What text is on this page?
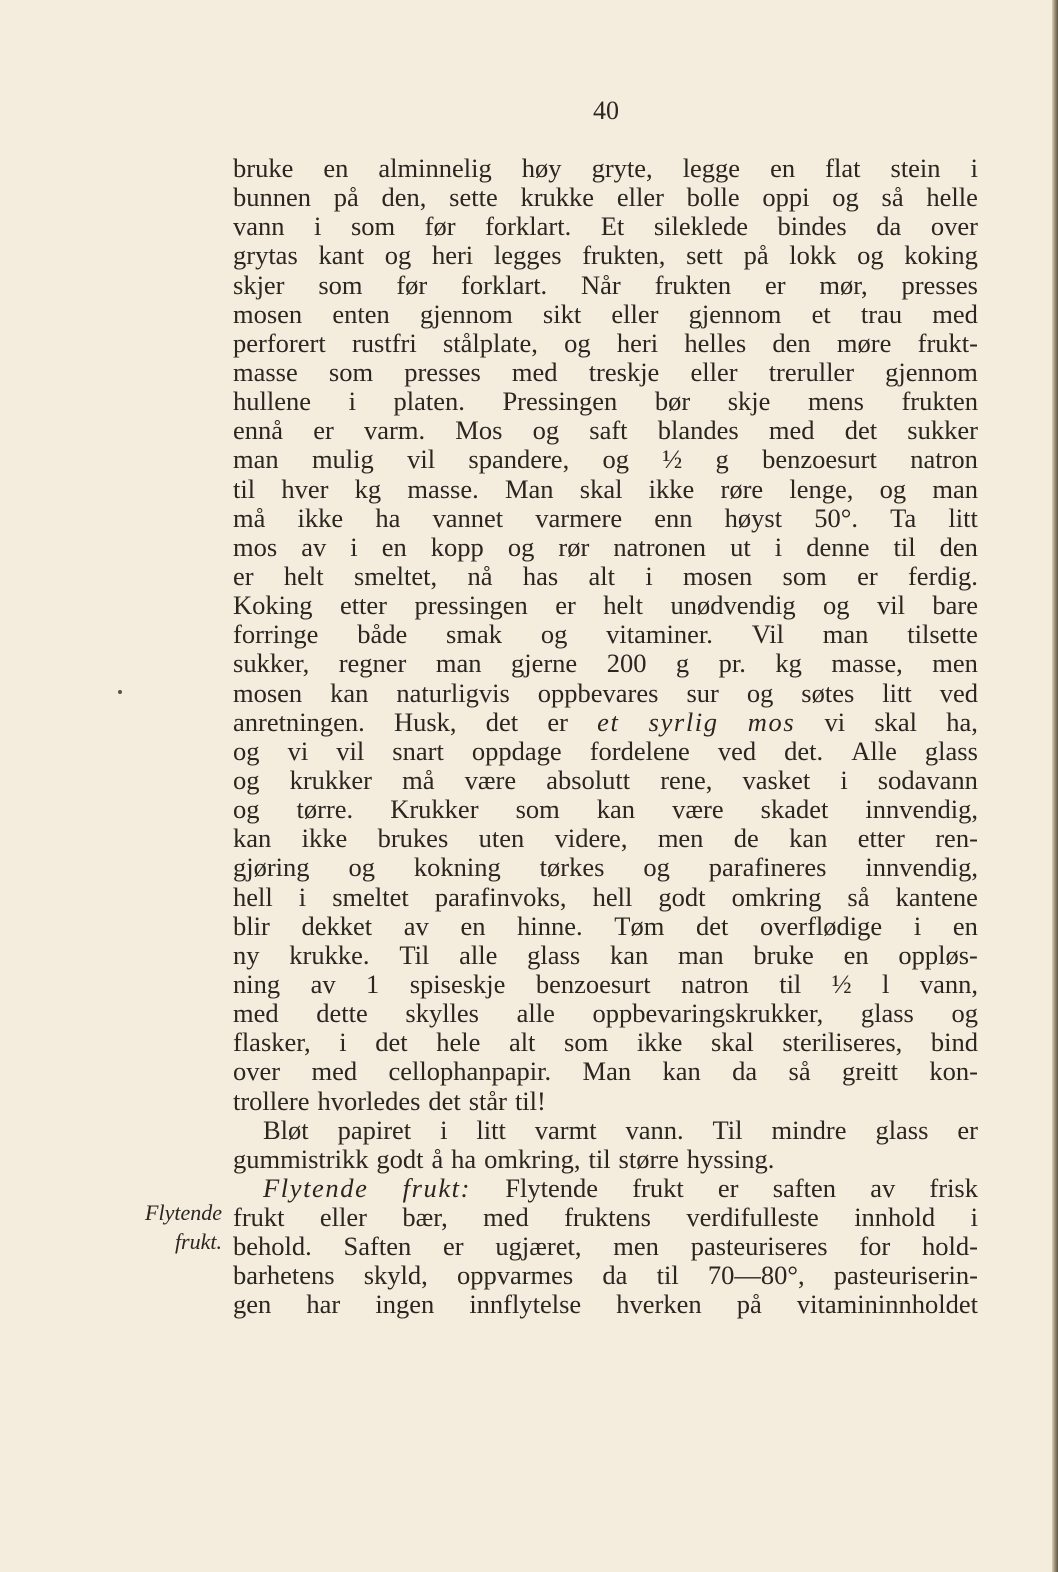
40
Flytende
frukt.
bruke en alminnelig høy gryte, legge en flat stein i
bunnen på den, sette krukke eller bolle oppi og så helle
vann i som før forklart. Et sileklede bindes da over
grytas kant og heri legges frukten, sett på lokk og koking
skjer som før forklart. Når frukten er mør, presses
mosen enten gjennom sikt eller gjennom et trau med
perforert rustfri stålplate, og heri helles den møre frukt-
masse som presses med treskje eller treruller gjennom
hullene i platen. Pressingen bør skje mens frukten
ennå er varm. Mos og saft blandes med det sukker
man mulig vil spandere, og ½ g benzoesurt natron
til hver kg masse. Man skal ikke røre lenge, og man
må ikke ha vannet varmere enn høyst 50°. Ta litt
mos av i en kopp og rør natronen ut i denne til den
er helt smeltet, nå has alt i mosen som er ferdig.
Koking etter pressingen er helt unødvendig og vil bare
forringe både smak og vitaminer. Vil man tilsette
sukker, regner man gjerne 200 g pr. kg masse, men
mosen kan naturligvis oppbevares sur og søtes litt ved
anretningen. Husk, det er et syrlig mos vi skal ha,
og vi vil snart oppdage fordelene ved det. Alle glass
og krukker må være absolutt rene, vasket i sodavann
og tørre. Krukker som kan være skadet innvendig,
kan ikke brukes uten videre, men de kan etter ren-
gjøring og kokning tørkes og parafineres innvendig,
hell i smeltet parafinvoks, hell godt omkring så kantene
blir dekket av en hinne. Tøm det overflødige i en
ny krukke. Til alle glass kan man bruke en oppløs-
ning av 1 spiseskje benzoesurt natron til ½ l vann,
med dette skylles alle oppbevaringskrukker, glass og
flasker, i det hele alt som ikke skal steriliseres, bind
over med cellophanpapir. Man kan da så greitt kon-
trollere hvorledes det står til!
Bløt papiret i litt varmt vann. Til mindre glass er
gummistrikk godt å ha omkring, til større hyssing.
Flytende frukt: Flytende frukt er saften av frisk
frukt eller bær, med fruktens verdifulleste innhold i
behold. Saften er ugjæret, men pasteuriseres for hold-
barhetens skyld, oppvarmes da til 70—80°, pasteuriserin-
gen har ingen innflytelse hverken på vitamininnholdet
